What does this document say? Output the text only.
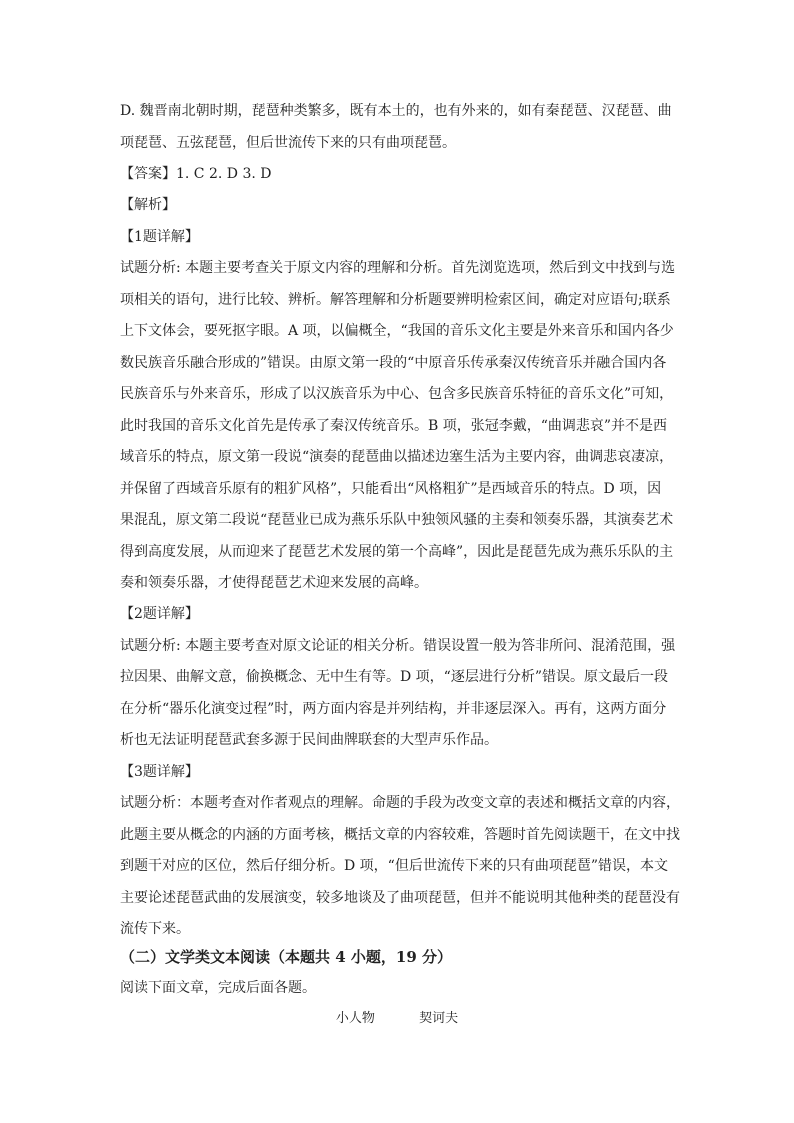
D. 魏晋南北朝时期，琵琶种类繁多，既有本土的，也有外来的，如有秦琵琶、汉琵琶、曲
项琵琶、五弦琵琶，但后世流传下来的只有曲项琵琶。
【答案】1. C 2. D 3. D
【解析】
【1题详解】
试题分析: 本题主要考查关于原文内容的理解和分析。首先浏览选项，然后到文中找到与选
项相关的语句，进行比较、辨析。解答理解和分析题要辨明检索区间，确定对应语句;联系
上下文体会，要死抠字眼。A 项，以偏概全，“我国的音乐文化主要是外来音乐和国内各少
数民族音乐融合形成的”错误。由原文第一段的“中原音乐传承秦汉传统音乐并融合国内各
民族音乐与外来音乐，形成了以汉族音乐为中心、包含多民族音乐特征的音乐文化”可知，
此时我国的音乐文化首先是传承了秦汉传统音乐。B 项，张冠李戴，“曲调悲哀”并不是西
域音乐的特点，原文第一段说“演奏的琵琶曲以描述边塞生活为主要内容，曲调悲哀凄凉，
并保留了西域音乐原有的粗犷风格”，只能看出“风格粗犷”是西域音乐的特点。D 项，因
果混乱，原文第二段说“琵琶业已成为燕乐乐队中独领风骚的主奏和领奏乐器，其演奏艺术
得到高度发展，从而迎来了琵琶艺术发展的第一个高峰”，因此是琵琶先成为燕乐乐队的主
奏和领奏乐器，才使得琵琶艺术迎来发展的高峰。
【2题详解】
试题分析: 本题主要考查对原文论证的相关分析。错误设置一般为答非所问、混淆范围，强
拉因果、曲解文意，偷换概念、无中生有等。D 项，“逐层进行分析”错误。原文最后一段
在分析“器乐化演变过程”时，两方面内容是并列结构，并非逐层深入。再有，这两方面分
析也无法证明琵琶武套多源于民间曲牌联套的大型声乐作品。
【3题详解】
试题分析：本题考查对作者观点的理解。命题的手段为改变文章的表述和概括文章的内容，
此题主要从概念的内涵的方面考核，概括文章的内容较难，答题时首先阅读题干，在文中找
到题干对应的区位，然后仔细分析。D 项，“但后世流传下来的只有曲项琵琶”错误，本文
主要论述琵琶武曲的发展演变，较多地谈及了曲项琵琶，但并不能说明其他种类的琵琶没有
流传下来。
（二）文学类文本阅读（本题共 4 小题，19 分）
阅读下面文章，完成后面各题。
小人物	契诃夫
